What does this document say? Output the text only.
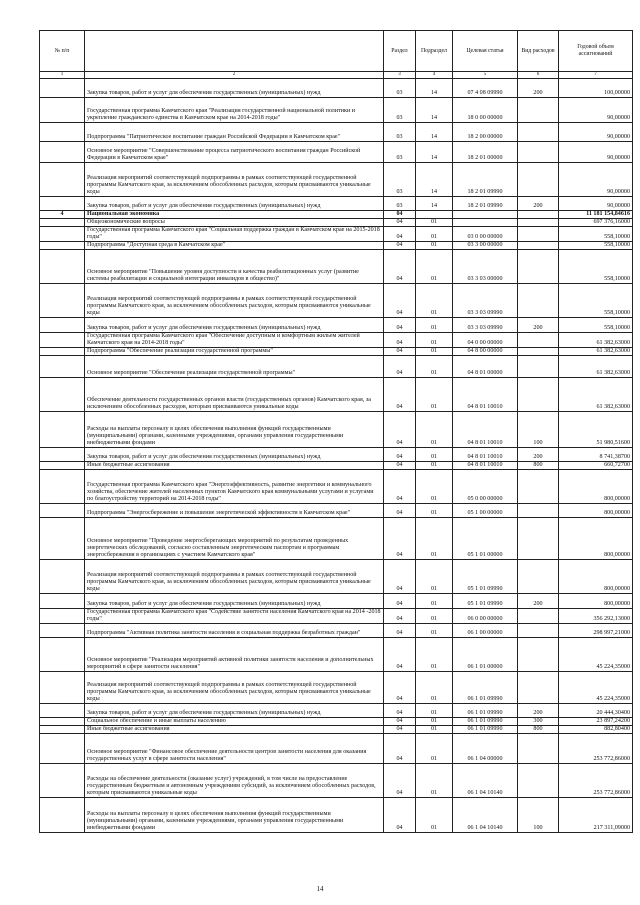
№ п/п		Раздел	Подраздел	Целевая статья	Вид расходов	Годовой объем ассигнований
1	2	3	4	5	6	7
	Закупка товаров, работ и услуг для обеспечения государственных (муниципальных) нужд	03	14	07 4 08 09990	200	100,00000
	Государственная программа Камчатского края "Реализация государственной национальной политики и укрепление гражданского единства в Камчатском крае на 2014-2018 годы"	03	14	18 0 00 00000		90,00000
	Подпрограмма "Патриотическое воспитание граждан Российской Федерации в Камчатском крае"	03	14	18 2 00 00000		90,00000
	Основное мероприятие "Совершенствование процесса патриотического воспитания граждан Российской Федерации в Камчатском крае"	03	14	18 2 01 00000		90,00000
	Реализация мероприятий соответствующей подпрограммы в рамках соответствующей государственной программы Камчатского края, за исключением обособленных расходов, которым присваиваются уникальные коды	03	14	18 2 01 09990		90,00000
	Закупка товаров, работ и услуг для обеспечения государственных (муниципальных) нужд	03	14	18 2 01 09990	200	90,00000
4	Национальная экономика	04				11 181 154,84616
	Общеэкономические вопросы	04	01			697 376,16000
	Государственная программа Камчатского края "Социальная поддержка граждан в Камчатском крае на 2015-2018 годы"	04	01	03 0 00 00000		558,10000
	Подпрограмма "Доступная среда в Камчатском крае"	04	01	03 3 00 00000		558,10000
	Основное мероприятие "Повышение уровня доступности и качества реабилитационных услуг (развитие системы реабилитации и социальной интеграции инвалидов в общество)"	04	01	03 3 03 00000		558,10000
	Реализация мероприятий соответствующей подпрограммы в рамках соответствующей государственной программы Камчатского края, за исключением обособленных расходов, которым присваиваются уникальные коды	04	01	03 3 03 09990		558,10000
	Закупка товаров, работ и услуг для обеспечения государственных (муниципальных) нужд	04	01	03 3 03 09990	200	558,10000
	Государственная программа Камчатского края "Обеспечение доступным и комфортным жильем жителей Камчатского края на 2014-2018 годы"	04	01	04 0 00 00000		61 382,63000
	Подпрограмма "Обеспечение реализации государственной программы"	04	01	04 8 00 00000		61 382,63000
	Основное мероприятие "Обеспечение реализации государственной программы"	04	01	04 8 01 00000		61 382,63000
	Обеспечение деятельности государственных органов власти (государственных органов) Камчатского края, за исключением обособленных расходов, которым присваиваются уникальные коды	04	01	04 8 01 10010		61 382,63000
	Расходы на выплаты персоналу в целях обеспечения выполнения функций государственными (муниципальными) органами, казенными учреждениями, органами управления государственными внебюджетными фондами	04	01	04 8 01 10010	100	51 980,51600
	Закупка товаров, работ и услуг для обеспечения государственных (муниципальных) нужд	04	01	04 8 01 10010	200	8 741,38700
	Иные бюджетные ассигнования	04	01	04 8 01 10010	800	660,72700
	Государственная программа Камчатского края "Энергоэффективность, развитие энергетики и коммунального хозяйства, обеспечение жителей населенных пунктов Камчатского края коммунальными услугами и услугами по благоустройству территорий на 2014-2018 годы"	04	01	05 0 00 00000		800,00000
	Подпрограмма "Энергосбережение и повышение энергетической эффективности в Камчатском крае"	04	01	05 1 00 00000		800,00000
	Основное мероприятие "Проведение энергосберегающих мероприятий по результатам проведенных энергетических обследований, согласно составленным энергетическим паспортам и программам энергосбережения в организациях с участием Камчатского края"	04	01	05 1 01 00000		800,00000
	Реализация мероприятий соответствующей подпрограммы в рамках соответствующей государственной программы Камчатского края, за исключением обособленных расходов, которым присваиваются уникальные коды	04	01	05 1 01 09990		800,00000
	Закупка товаров, работ и услуг для обеспечения государственных (муниципальных) нужд	04	01	05 1 01 09990	200	800,00000
	Государственная программа Камчатского края "Содействие занятости населения Камчатского края на 2014 -2018 годы"	04	01	06 0 00 00000		356 292,13000
	Подпрограмма "Активная политика занятости населения и социальная поддержка безработных граждан"	04	01	06 1 00 00000		298 997,21000
	Основное мероприятие "Реализация мероприятий активной политики занятости населения и дополнительных мероприятий в сфере занятости населения"	04	01	06 1 01 00000		45 224,35000
	Реализация мероприятий соответствующей подпрограммы в рамках соответствующей государственной программы Камчатского края, за исключением обособленных расходов, которым присваиваются уникальные коды	04	01	06 1 01 09990		45 224,35000
	Закупка товаров, работ и услуг для обеспечения государственных (муниципальных) нужд	04	01	06 1 01 09990	200	20 444,30400
	Социальное обеспечение и иные выплаты населению	04	01	06 1 01 09990	300	23 897,24200
	Иные бюджетные ассигнования	04	01	06 1 01 09990	800	882,80400
	Основное мероприятие "Финансовое обеспечение деятельности центров занятости населения для оказания государственных услуг в сфере занятости населения"	04	01	06 1 04 00000		253 772,86000
	Расходы на обеспечение деятельности (оказание услуг) учреждений, в том числе на предоставление государственным бюджетным и автономным учреждениям субсидий, за исключением обособленных расходов, которым присваиваются уникальные коды	04	01	06 1 04 10140		253 772,86000
	Расходы на выплаты персоналу в целях обеспечения выполнения функций государственными (муниципальными) органами, казенными учреждениями, органами управления государственными внебюджетными фондами	04	01	06 1 04 10140	100	217 311,09000
14
